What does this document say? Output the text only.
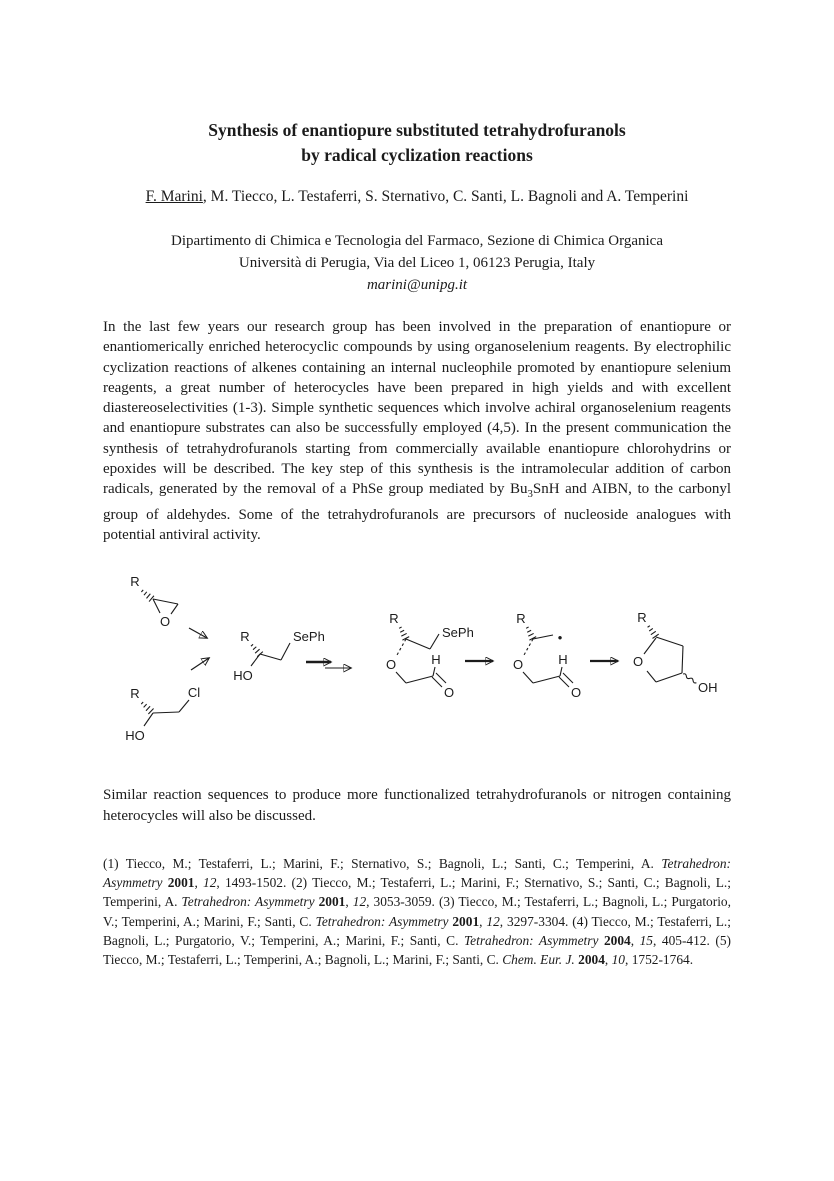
Synthesis of enantiopure substituted tetrahydrofuranols
by radical cyclization reactions
F. Marini, M. Tiecco, L. Testaferri, S. Sternativo, C. Santi, L. Bagnoli and A. Temperini
Dipartimento di Chimica e Tecnologia del Farmaco, Sezione di Chimica Organica
Università di Perugia, Via del Liceo 1, 06123 Perugia, Italy
marini@unipg.it

In the last few years our research group has been involved in the preparation of enantiopure or enantiomerically enriched heterocyclic compounds by using organoselenium reagents. By electrophilic cyclization reactions of alkenes containing an internal nucleophile promoted by enantiopure selenium reagents, a great number of heterocycles have been prepared in high yields and with excellent diastereoselectivities (1-3). Simple synthetic sequences which involve achiral organoselenium reagents and enantiopure substrates can also be successfully employed (4,5). In the present communication the synthesis of tetrahydrofuranols starting from commercially available enantiopure chlorohydrins or epoxides will be described. The key step of this synthesis is the intramolecular addition of carbon radicals, generated by the removal of a PhSe group mediated by $Bu_3SnH$ and AIBN, to the carbonyl group of aldehydes. Some of the tetrahydrofuranols are precursors of nucleoside analogues with potential antiviral activity.

R
O
R
HO
Cl
R
HO
SePh
R
SePh
O	H
O
R
•
O	H
O
R
O
OH

Similar reaction sequences to produce more functionalized tetrahydrofuranols or nitrogen containing heterocycles will also be discussed.

(1) Tiecco, M.; Testaferri, L.; Marini, F.; Sternativo, S.; Bagnoli, L.; Santi, C.; Temperini, A. Tetrahedron: Asymmetry 2001, 12, 1493-1502. (2) Tiecco, M.; Testaferri, L.; Marini, F.; Sternativo, S.; Santi, C.; Bagnoli, L.; Temperini, A. Tetrahedron: Asymmetry 2001, 12, 3053-3059. (3) Tiecco, M.; Testaferri, L.; Bagnoli, L.; Purgatorio, V.; Temperini, A.; Marini, F.; Santi, C. Tetrahedron: Asymmetry 2001, 12, 3297-3304. (4) Tiecco, M.; Testaferri, L.; Bagnoli, L.; Purgatorio, V.; Temperini, A.; Marini, F.; Santi, C. Tetrahedron: Asymmetry 2004, 15, 405-412. (5) Tiecco, M.; Testaferri, L.; Temperini, A.; Bagnoli, L.; Marini, F.; Santi, C. Chem. Eur. J. 2004, 10, 1752-1764.
